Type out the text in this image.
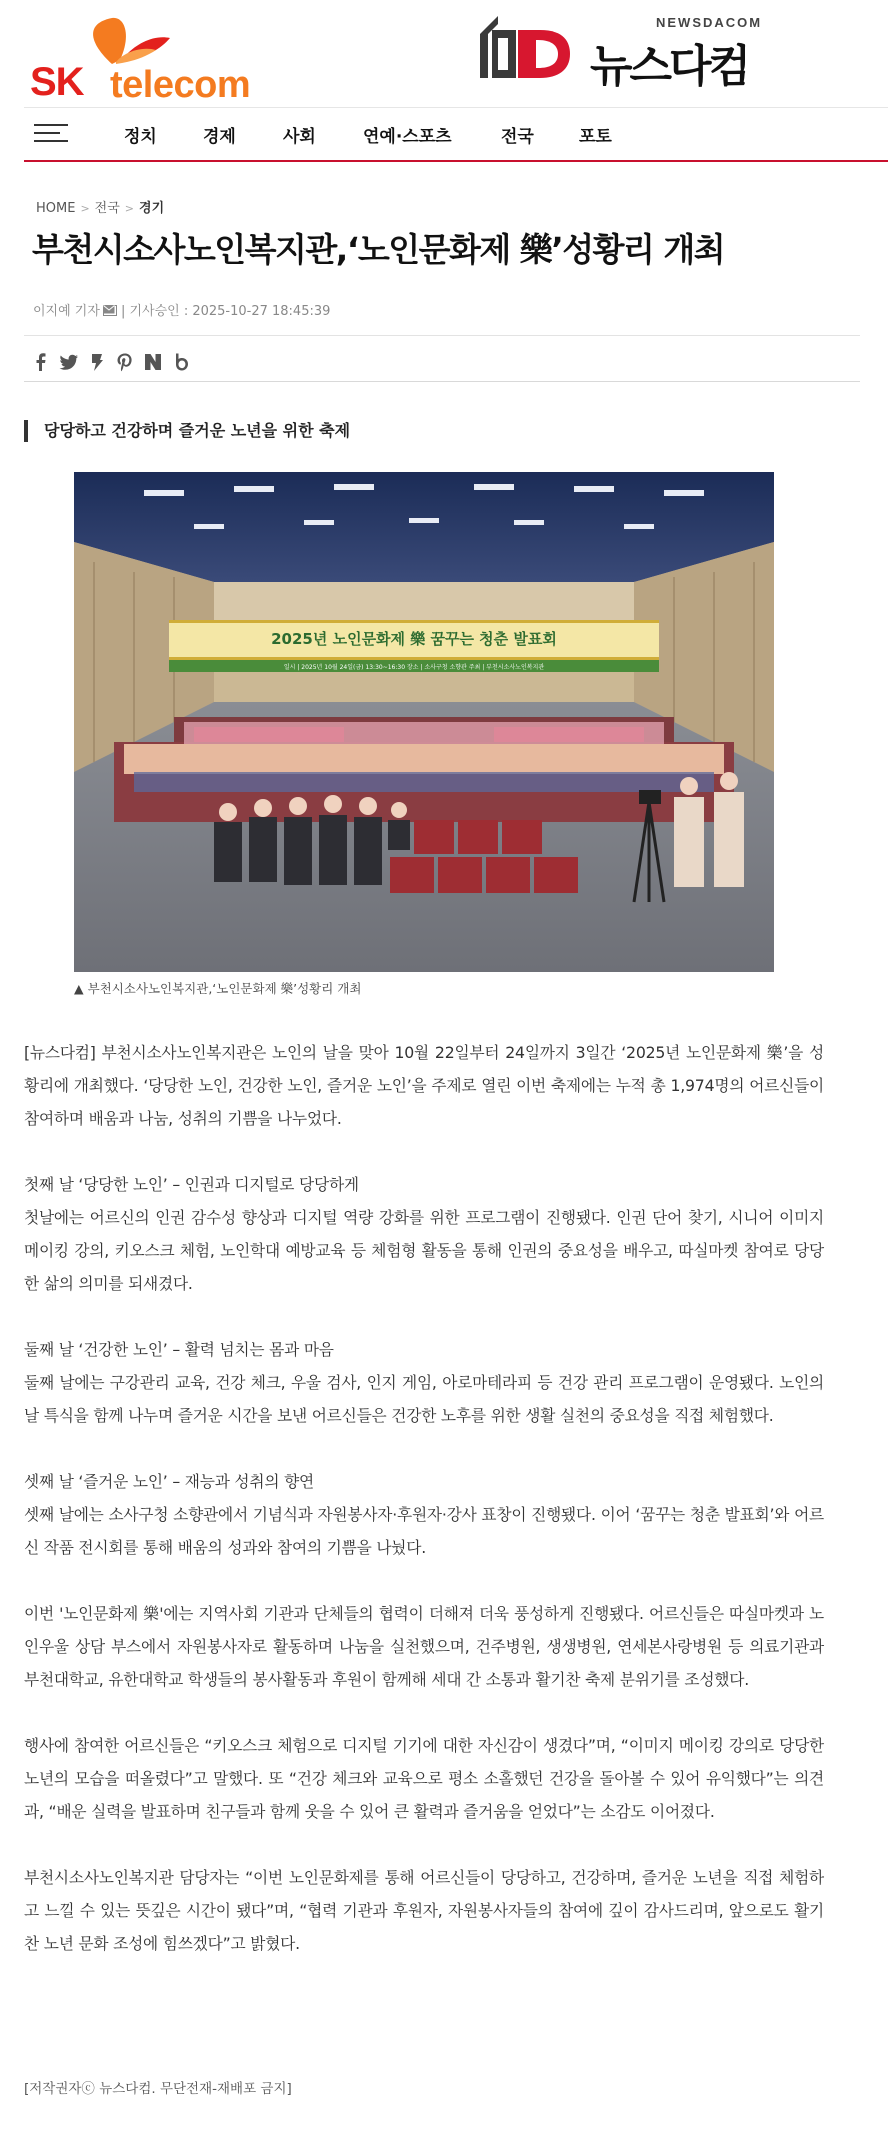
SK telecom
NEWSDACOM
뉴스다컴
정치	경제	사회	연예·스포츠	전국	포토
HOME > 전국 > 경기
부천시소사노인복지관,‘노인문화제 樂’성황리 개최
이지예 기자 | 기사승인 : 2025-10-27 18:45:39
당당하고 건강하며 즐거운 노년을 위한 축제
2025년 노인문화제 樂 꿈꾸는 청춘 발표회
일시 | 2025년 10월 24일(금) 13:30~16:30 장소 | 소사구청 소향관 주최 | 부천시소사노인복지관
▲ 부천시소사노인복지관,‘노인문화제 樂’성황리 개최

[뉴스다컴] 부천시소사노인복지관은 노인의 날을 맞아 10월 22일부터 24일까지 3일간 ‘2025년 노인문화제 樂’을 성황리에 개최했다. ‘당당한 노인, 건강한 노인, 즐거운 노인’을 주제로 열린 이번 축제에는 누적 총 1,974명의 어르신들이 참여하며 배움과 나눔, 성취의 기쁨을 나누었다.

첫째 날 ‘당당한 노인’ – 인권과 디지털로 당당하게

첫날에는 어르신의 인권 감수성 향상과 디지털 역량 강화를 위한 프로그램이 진행됐다. 인권 단어 찾기, 시니어 이미지 메이킹 강의, 키오스크 체험, 노인학대 예방교육 등 체험형 활동을 통해 인권의 중요성을 배우고, 따실마켓 참여로 당당한 삶의 의미를 되새겼다.

둘째 날 ‘건강한 노인’ – 활력 넘치는 몸과 마음

둘째 날에는 구강관리 교육, 건강 체크, 우울 검사, 인지 게임, 아로마테라피 등 건강 관리 프로그램이 운영됐다. 노인의 날 특식을 함께 나누며 즐거운 시간을 보낸 어르신들은 건강한 노후를 위한 생활 실천의 중요성을 직접 체험했다.

셋째 날 ‘즐거운 노인’ – 재능과 성취의 향연

셋째 날에는 소사구청 소향관에서 기념식과 자원봉사자·후원자·강사 표창이 진행됐다. 이어 ‘꿈꾸는 청춘 발표회’와 어르신 작품 전시회를 통해 배움의 성과와 참여의 기쁨을 나눴다.

이번 '노인문화제 樂'에는 지역사회 기관과 단체들의 협력이 더해져 더욱 풍성하게 진행됐다. 어르신들은 따실마켓과 노인우울 상담 부스에서 자원봉사자로 활동하며 나눔을 실천했으며, 건주병원, 생생병원, 연세본사랑병원 등 의료기관과 부천대학교, 유한대학교 학생들의 봉사활동과 후원이 함께해 세대 간 소통과 활기찬 축제 분위기를 조성했다.

행사에 참여한 어르신들은 “키오스크 체험으로 디지털 기기에 대한 자신감이 생겼다”며, “이미지 메이킹 강의로 당당한 노년의 모습을 떠올렸다”고 말했다. 또 “건강 체크와 교육으로 평소 소홀했던 건강을 돌아볼 수 있어 유익했다”는 의견과, “배운 실력을 발표하며 친구들과 함께 웃을 수 있어 큰 활력과 즐거움을 얻었다”는 소감도 이어졌다.

부천시소사노인복지관 담당자는 “이번 노인문화제를 통해 어르신들이 당당하고, 건강하며, 즐거운 노년을 직접 체험하고 느낄 수 있는 뜻깊은 시간이 됐다”며, “협력 기관과 후원자, 자원봉사자들의 참여에 깊이 감사드리며, 앞으로도 활기찬 노년 문화 조성에 힘쓰겠다”고 밝혔다.

[저작권자ⓒ 뉴스다컴. 무단전재-재배포 금지]
